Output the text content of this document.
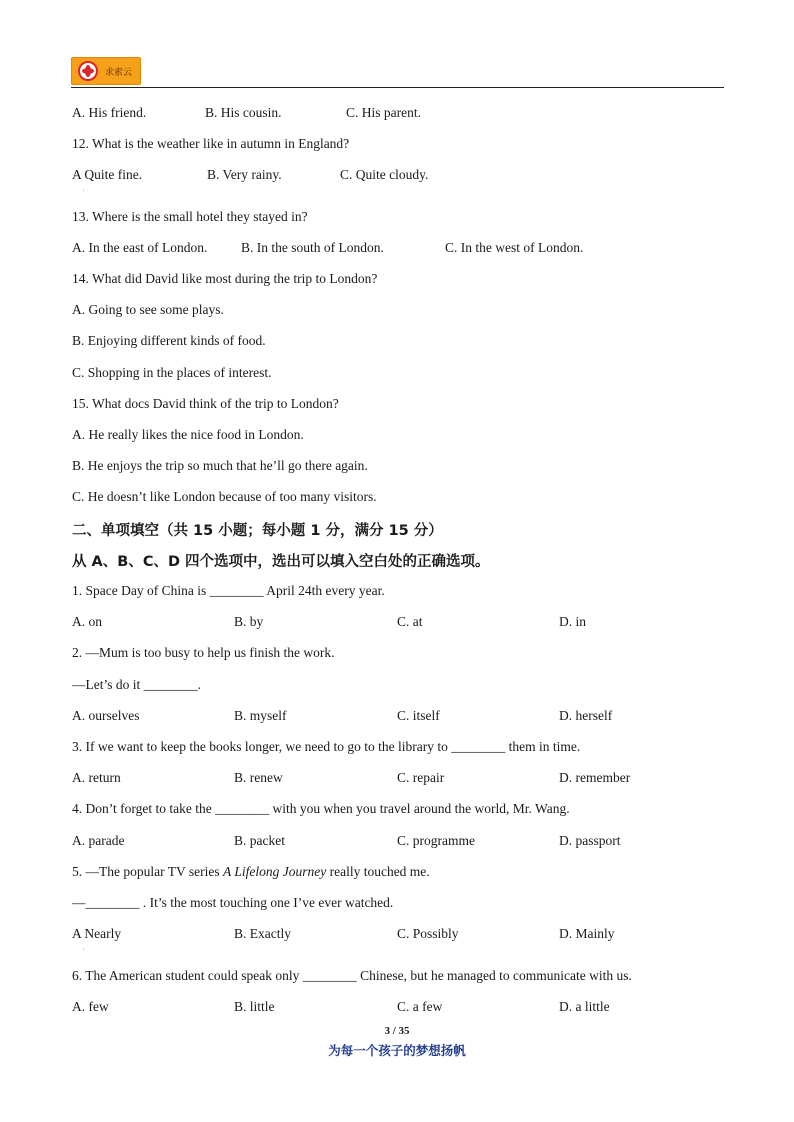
求索云
A. His friend.	B. His cousin.	C. His parent.
12. What is the weather like in autumn in England?
A Quite fine.	B. Very rainy.	C. Quite cloudy.
ˌ
13. Where is the small hotel they stayed in?
A. In the east of London. B. In the south of London.	C. In the west of London.
14. What did David like most during the trip to London?
A. Going to see some plays.
B. Enjoying different kinds of food.
C. Shopping in the places of interest.
15. What docs David think of the trip to London?
A. He really likes the nice food in London.
B. He enjoys the trip so much that he’ll go there again.
C. He doesn’t like London because of too many visitors.
二、单项填空（共 15 小题；每小题 1 分，满分 15 分）
从 A、B、C、D 四个选项中，选出可以填入空白处的正确选项。
1. Space Day of China is ________ April 24th every year.
A. on	B. by	C. at	D. in
2. —Mum is too busy to help us finish the work.
—Let’s do it ________.
A. ourselves	B. myself	C. itself	D. herself
3. If we want to keep the books longer, we need to go to the library to ________ them in time.
A. return	B. renew	C. repair	D. remember
4. Don’t forget to take the ________ with you when you travel around the world, Mr. Wang.
A. parade	B. packet	C. programme	D. passport
5. —The popular TV series A Lifelong Journey really touched me.
—________ . It’s the most touching one I’ve ever watched.
A Nearly	B. Exactly	C. Possibly	D. Mainly
ˌ
6. The American student could speak only ________ Chinese, but he managed to communicate with us.
A. few	B. little	C. a few	D. a little
3 / 35
为每一个孩子的梦想扬帆
